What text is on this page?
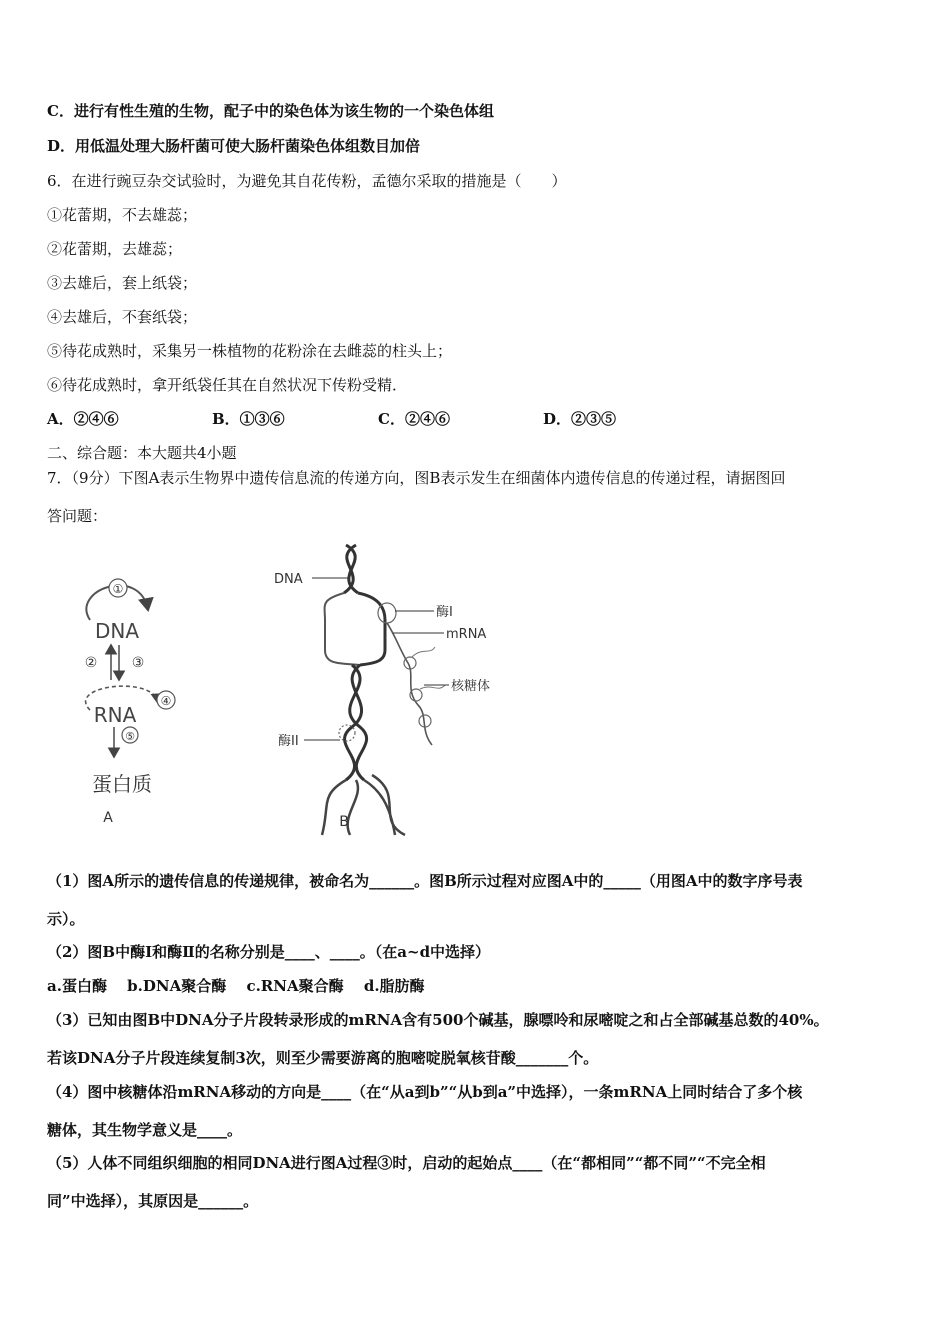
C．进行有性生殖的生物，配子中的染色体为该生物的一个染色体组
D．用低温处理大肠杆菌可使大肠杆菌染色体组数目加倍
6．在进行豌豆杂交试验时，为避免其自花传粉，孟德尔采取的措施是（　　）
①花蕾期，不去雄蕊；
②花蕾期，去雄蕊；
③去雄后，套上纸袋；
④去雄后，不套纸袋；
⑤待花成熟时，采集另一株植物的花粉涂在去雌蕊的柱头上；
⑥待花成熟时，拿开纸袋任其在自然状况下传粉受精．
A．②④⑥	B．①③⑥	C．②④⑥	D．②③⑤
二、综合题：本大题共4小题
7．（9分）下图A表示生物界中遗传信息流的传递方向，图B表示发生在细菌体内遗传信息的传递过程，请据图回
答问题：
①
DNA
② ③
④
RNA
⑤
蛋白质
A
DNA
酶I
mRNA
核糖体
酶II
B
（1）图A所示的遗传信息的传递规律，被命名为______。图B所示过程对应图A中的_____（用图A中的数字序号表
示）。
（2）图B中酶Ⅰ和酶Ⅱ的名称分别是____、____。（在a~d中选择）
a.蛋白酶　 b.DNA聚合酶　 c.RNA聚合酶　 d.脂肪酶
（3）已知由图B中DNA分子片段转录形成的mRNA含有500个碱基，腺嘌呤和尿嘧啶之和占全部碱基总数的40%。
若该DNA分子片段连续复制3次，则至少需要游离的胞嘧啶脱氧核苷酸_______个。
（4）图中核糖体沿mRNA移动的方向是____（在“从a到b”“从b到a”中选择），一条mRNA上同时结合了多个核
糖体，其生物学意义是____。
（5）人体不同组织细胞的相同DNA进行图A过程③时，启动的起始点____（在“都相同”“都不同”“不完全相
同”中选择），其原因是______。
